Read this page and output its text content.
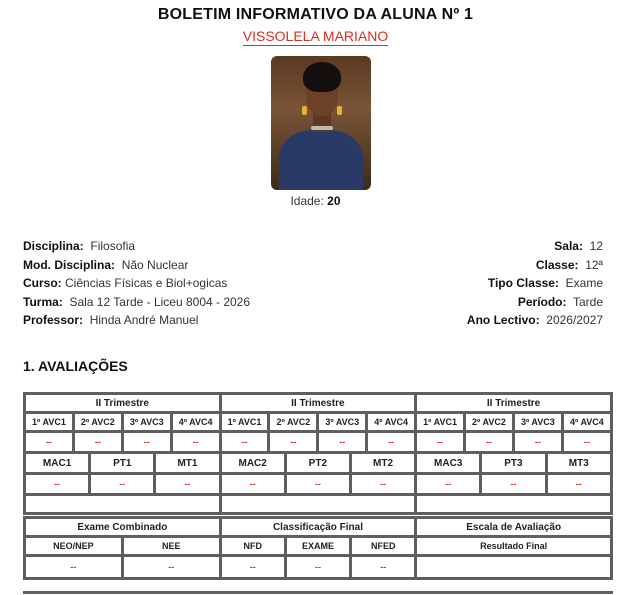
BOLETIM INFORMATIVO DA ALUNA Nº 1
VISSOLELA MARIANO
Idade: 20
Disciplina: Filosofia
Mod. Disciplina: Não Nuclear
Curso: Ciências Físicas e Biol+ogicas
Turma: Sala 12 Tarde - Liceu 8004 - 2026
Professor: Hinda André Manuel
Sala: 12
Classe: 12ª
Tipo Classe: Exame
Período: Tarde
Ano Lectivo: 2026/2027
1. AVALIAÇÕES
II Trimestre						II Trimestre						II Trimestre					
1º AVC1	2º AVC2		3º AVC3		4º AVC4	1º AVC1	2º AVC2		3º AVC3		4º AVC4	1º AVC1	2º AVC2		3º AVC3		4º AVC4
--	--		--		--	--	--		--		--	--	--		--		--
MAC1		PT1		MT1		MAC2		PT2		MT2		MAC3		PT3		MT3	
--		--		--		--		--		--		--		--		--	

Exame Combinado		Classificação Final			Escala de Avaliação
NEO/NEP	NEE	NFD	EXAME	NFED	Resultado Final
--	--	--	--	--	
